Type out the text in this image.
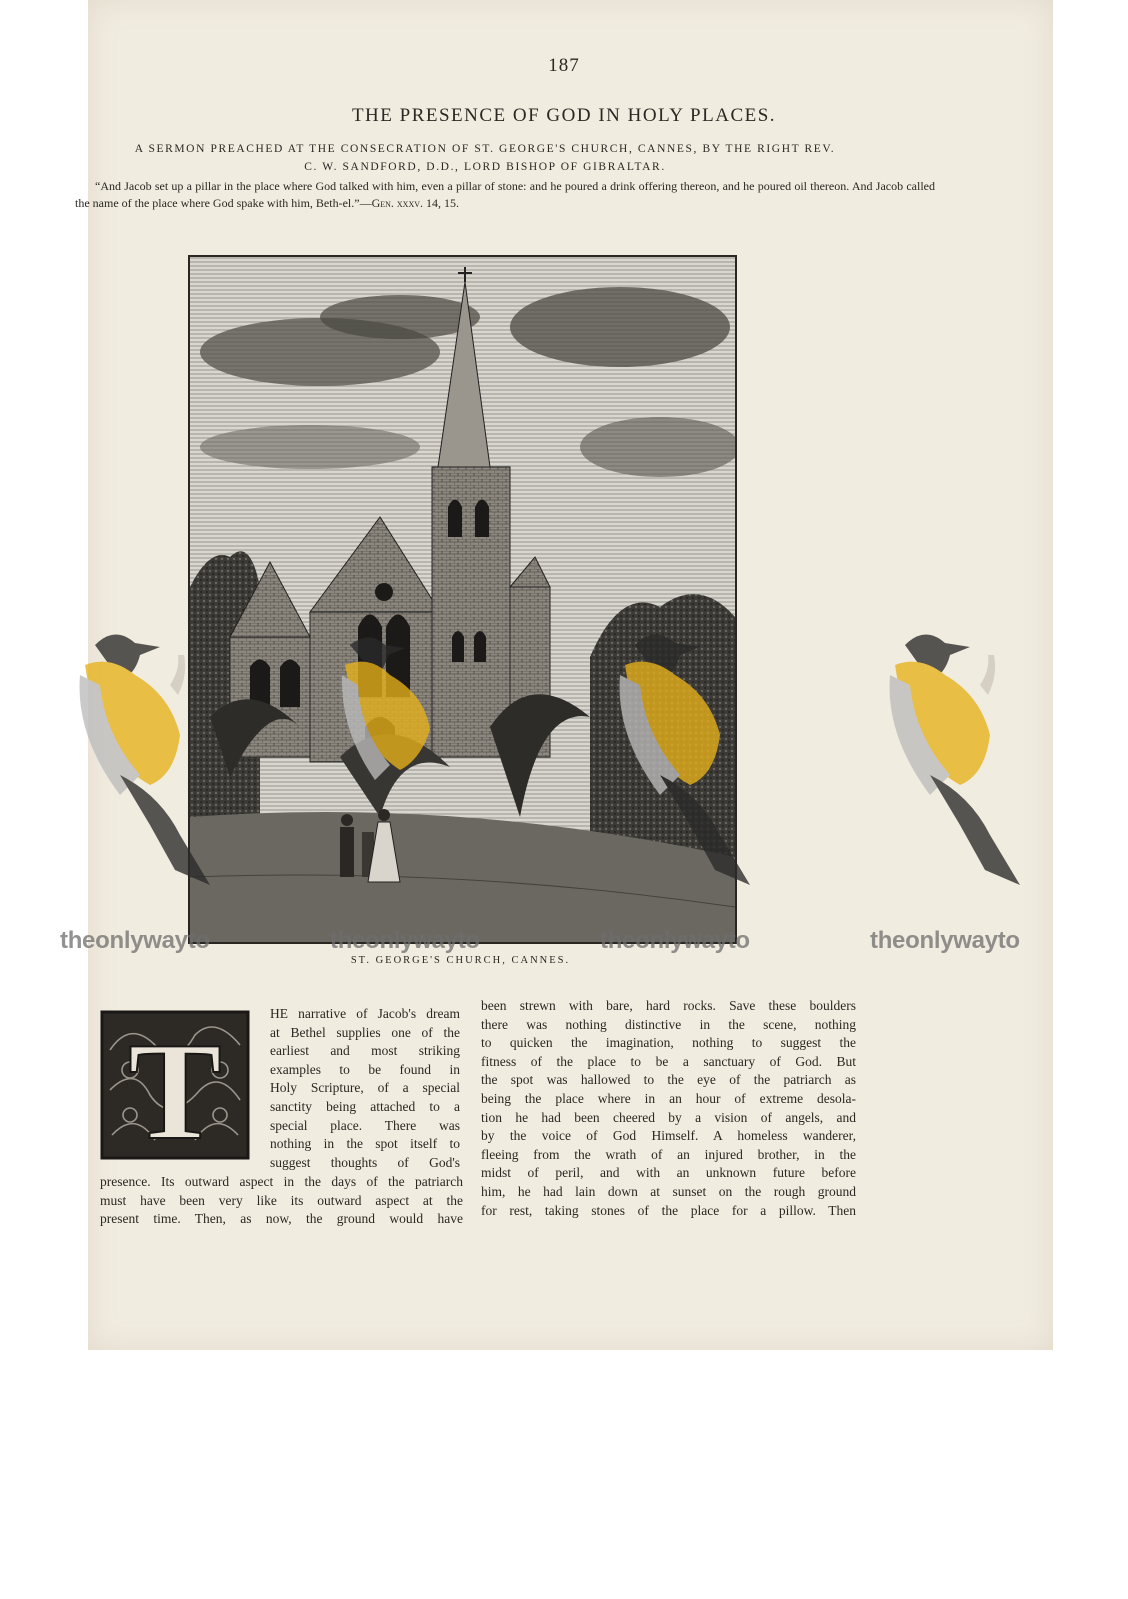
187
THE PRESENCE OF GOD IN HOLY PLACES.
A SERMON PREACHED AT THE CONSECRATION OF ST. GEORGE'S CHURCH, CANNES, BY THE RIGHT REV.
C. W. SANDFORD, D.D., LORD BISHOP OF GIBRALTAR.
“And Jacob set up a pillar in the place where God talked with him, even a pillar of stone: and he poured a drink offering thereon, and he poured oil thereon. And Jacob called the name of the place where God spake with him, Beth-el.”—Gen. xxxv. 14, 15.
ST. GEORGE'S CHURCH, CANNES.
T
HE narrative of Jacob's dream
at Bethel supplies one of the
earliest and most striking
examples to be found in
Holy Scripture, of a special
sanctity being attached to a
special place. There was
nothing in the spot itself to
suggest thoughts of God's
presence. Its outward aspect in the days of the patriarch
must have been very like its outward aspect at the
present time. Then, as now, the ground would have
been strewn with bare, hard rocks. Save these boulders
there was nothing distinctive in the scene, nothing
to quicken the imagination, nothing to suggest the
fitness of the place to be a sanctuary of God. But
the spot was hallowed to the eye of the patriarch as
being the place where in an hour of extreme desola-
tion he had been cheered by a vision of angels, and
by the voice of God Himself. A homeless wanderer,
fleeing from the wrath of an injured brother, in the
midst of peril, and with an unknown future before
him, he had lain down at sunset on the rough ground
for rest, taking stones of the place for a pillow. Then
theonlywayto	theonlywayto	theonlywayto	theonlywayto
